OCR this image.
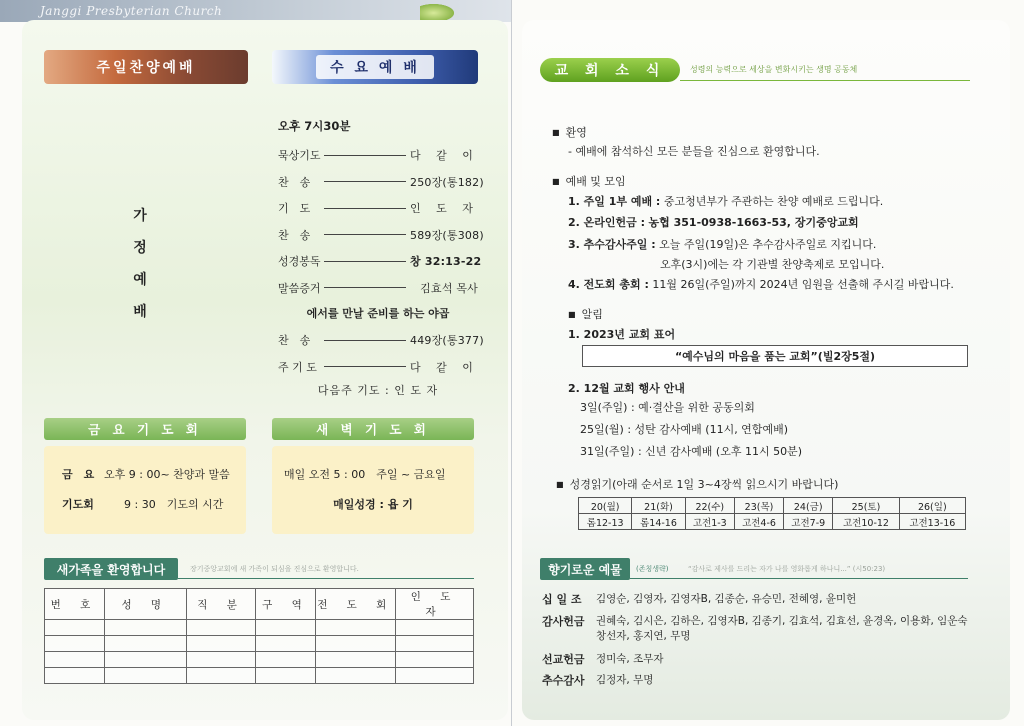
Janggi Presbyterian Church
주일찬양예배	수 요 예 배
가
정
예
배
오후 7시30분
묵상기도	다 같 이
찬　송	250장(통182)
기　도	인 도 자
찬　송	589장(통308)
성경봉독	창 32:13-22
말씀증거	김효석 목사
에서를 만날 준비를 하는 야곱
찬　송	449장(통377)
주 기 도	다 같 이
다음주 기도 : 인 도 자
금 요 기 도 회	새 벽 기 도 회
금　요 오후 9 : 00~ 찬양과 말씀
기도회	9 : 30　기도의 시간
매일 오전 5 : 00　주일 ~ 금요일
매일성경 : 욥 기
새가족을 환영합니다	장기중앙교회에 새 가족이 되심을 진심으로 환영합니다.
번 호	성 명	직 분	구 역	전 도 회	인 도 자

교 회 소 식	성령의 능력으로 세상을 변화시키는 생명 공동체
■ 환영
- 예배에 참석하신 모든 분들을 진심으로 환영합니다.
■ 예배 및 모임
1. 주일 1부 예배 : 중고청년부가 주관하는 찬양 예배로 드립니다.
2. 온라인헌금 : 농협 351-0938-1663-53, 장기중앙교회
3. 추수감사주일 : 오늘 주일(19일)은 추수감사주일로 지킵니다.
오후(3시)에는 각 기관별 찬양축제로 모입니다.
4. 전도회 총회 : 11월 26일(주일)까지 2024년 임원을 선출해 주시길 바랍니다.
■ 알림
1. 2023년 교회 표어
“예수님의 마음을 품는 교회”(빌2장5절)
2. 12월 교회 행사 안내
3일(주일) : 예·결산을 위한 공동의회
25일(월) : 성탄 감사예배 (11시, 연합예배)
31일(주일) : 신년 감사예배 (오후 11시 50분)
■ 성경읽기(아래 순서로 1일 3~4장씩 읽으시기 바랍니다)
20(월)	21(화)	22(수)	23(목)	24(금)	25(토)	26(일)
롬12-13	롬14-16	고전1-3	고전4-6	고전7-9	고전10-12	고전13-16
향기로운 예물	(존칭생략)	“감사로 제사를 드리는 자가 나를 영화롭게 하나니...” (시50:23)
십 일 조 김영순, 김영자, 김영자B, 김종순, 유승민, 전혜영, 윤미헌
감사헌금 권혜숙, 김시은, 김하은, 김영자B, 김종기, 김효석, 김효선, 윤경옥, 이용화, 임운숙
창선자, 홍지연, 무명
선교헌금 정미숙, 조무자
추수감사 김정자, 무명
